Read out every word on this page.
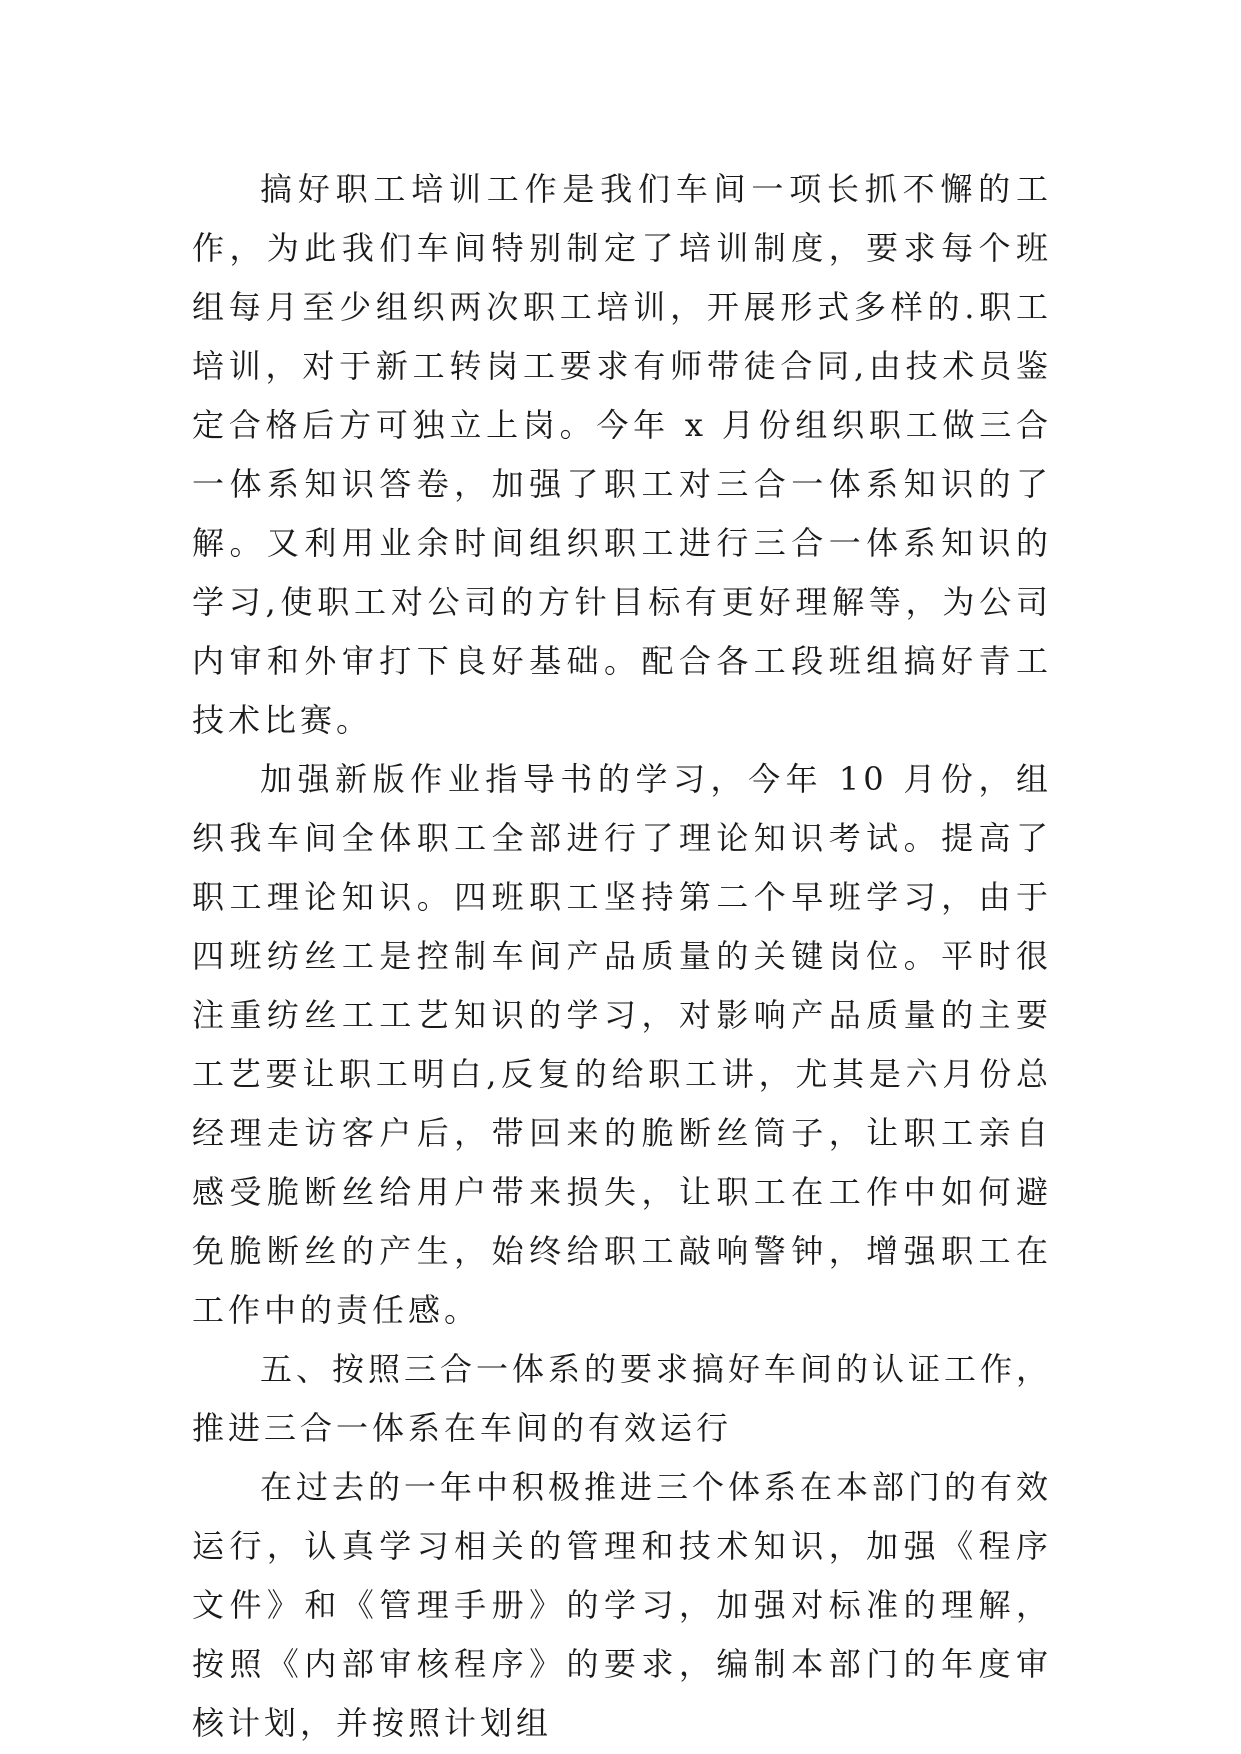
搞好职工培训工作是我们车间一项长抓不懈的工作，为此我们车间特别制定了培训制度，要求每个班组每月至少组织两次职工培训，开展形式多样的.职工培训，对于新工转岗工要求有师带徒合同,由技术员鉴定合格后方可独立上岗。今年 x 月份组织职工做三合一体系知识答卷，加强了职工对三合一体系知识的了解。又利用业余时间组织职工进行三合一体系知识的学习,使职工对公司的方针目标有更好理解等，为公司内审和外审打下良好基础。配合各工段班组搞好青工技术比赛。

加强新版作业指导书的学习，今年 10 月份，组织我车间全体职工全部进行了理论知识考试。提高了职工理论知识。四班职工坚持第二个早班学习，由于四班纺丝工是控制车间产品质量的关键岗位。平时很注重纺丝工工艺知识的学习，对影响产品质量的主要工艺要让职工明白,反复的给职工讲，尤其是六月份总经理走访客户后，带回来的脆断丝筒子，让职工亲自感受脆断丝给用户带来损失，让职工在工作中如何避免脆断丝的产生，始终给职工敲响警钟，增强职工在工作中的责任感。

五、按照三合一体系的要求搞好车间的认证工作，推进三合一体系在车间的有效运行

在过去的一年中积极推进三个体系在本部门的有效运行，认真学习相关的管理和技术知识，加强《程序文件》和《管理手册》的学习，加强对标准的理解，按照《内部审核程序》的要求，编制本部门的年度审核计划，并按照计划组
